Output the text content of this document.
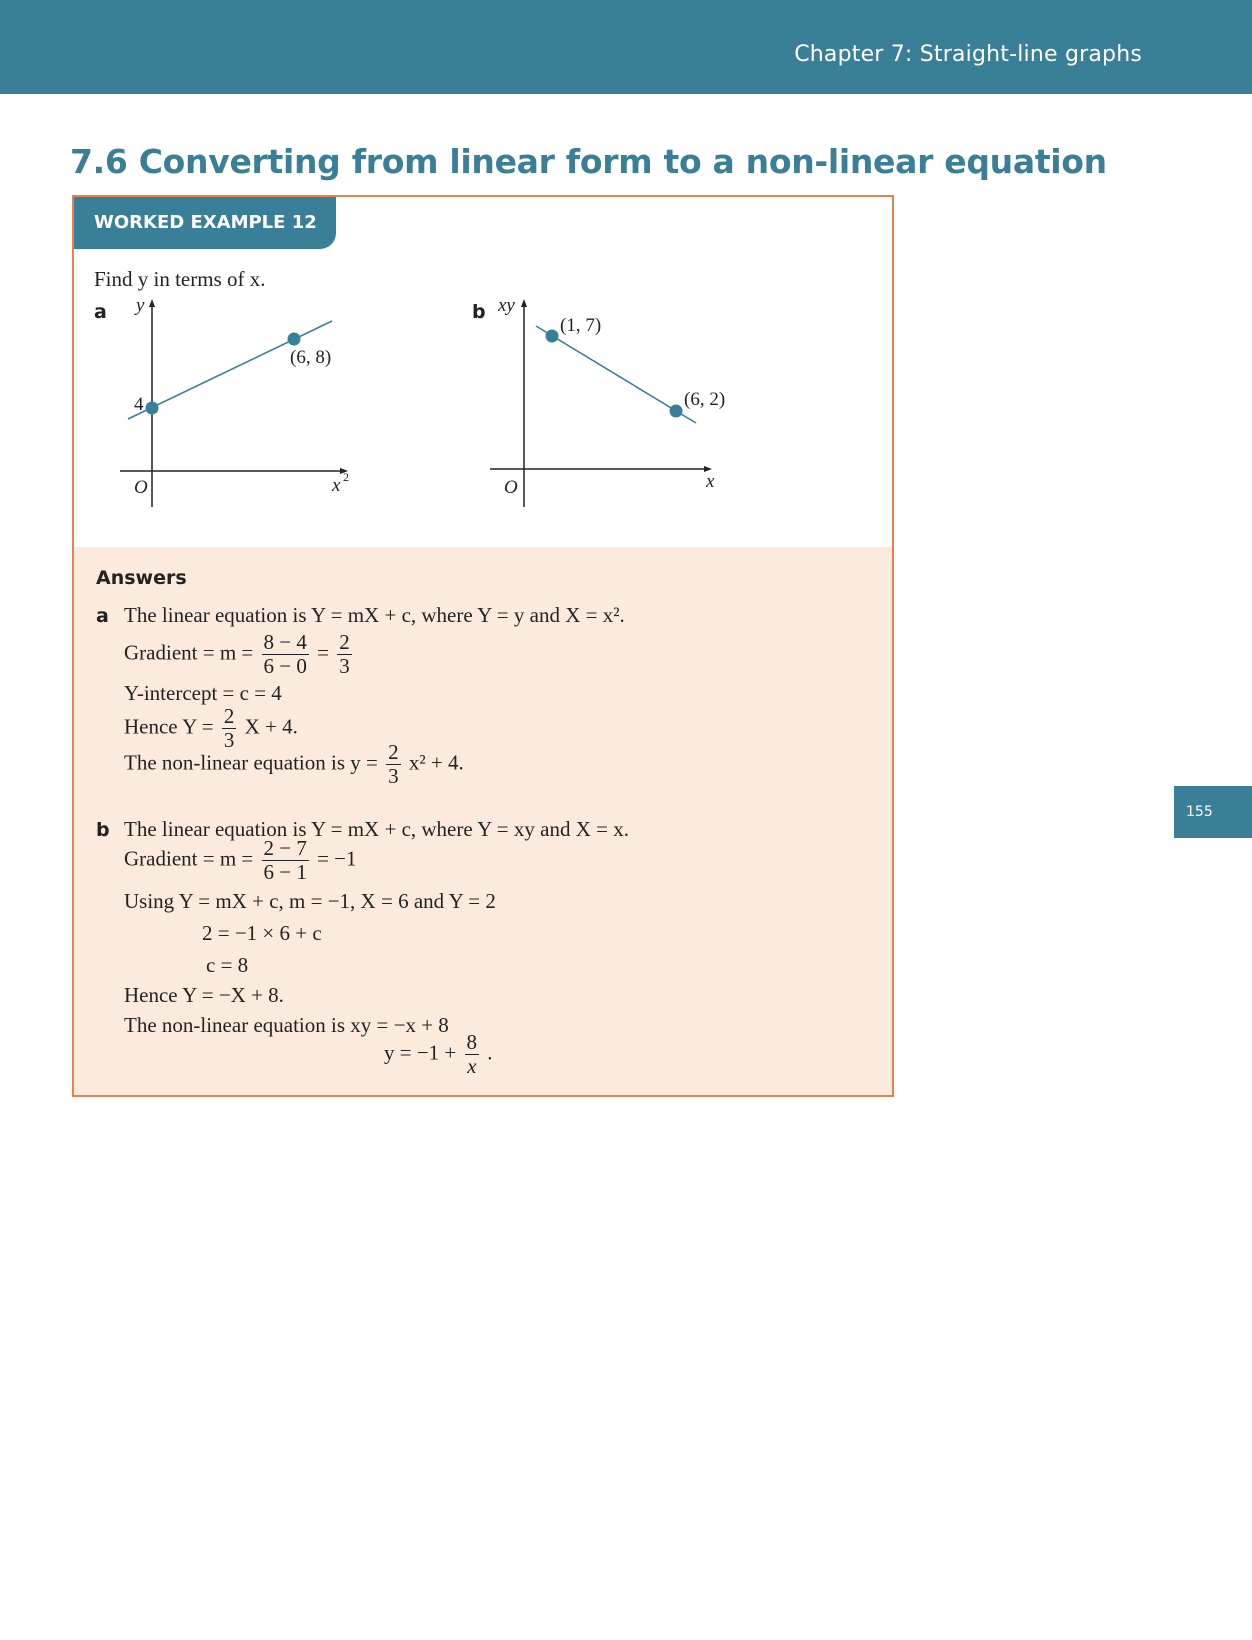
Chapter 7: Straight-line graphs
7.6 Converting from linear form to a non-linear equation
WORKED EXAMPLE 12
Find y in terms of x.
a y
4
(6, 8)
O	x 2
b xy
(1, 7)
(6, 2)
O	x
Answers
a The linear equation is Y = mX + c, where Y = y and X = x².
Gradient = $m = \frac{8 - 4}{6 - 0} = \frac{2}{3}$
Y-intercept = c = 4
Hence $Y = \frac{2}{3}$ X + 4.
The non-linear equation is $y = \frac{2}{3} x^2 + 4$.
b The linear equation is Y = mX + c, where Y = xy and X = x.
Gradient = $m = \frac{2 - 7}{6 - 1} = -1$
Using Y = mX + c, m = −1, X = 6 and Y = 2
2 = −1 × 6 + c
c = 8
Hence Y = −X + 8.
The non-linear equation is xy = −x + 8
$y = -1 + \frac{8}{x}$ .
155
